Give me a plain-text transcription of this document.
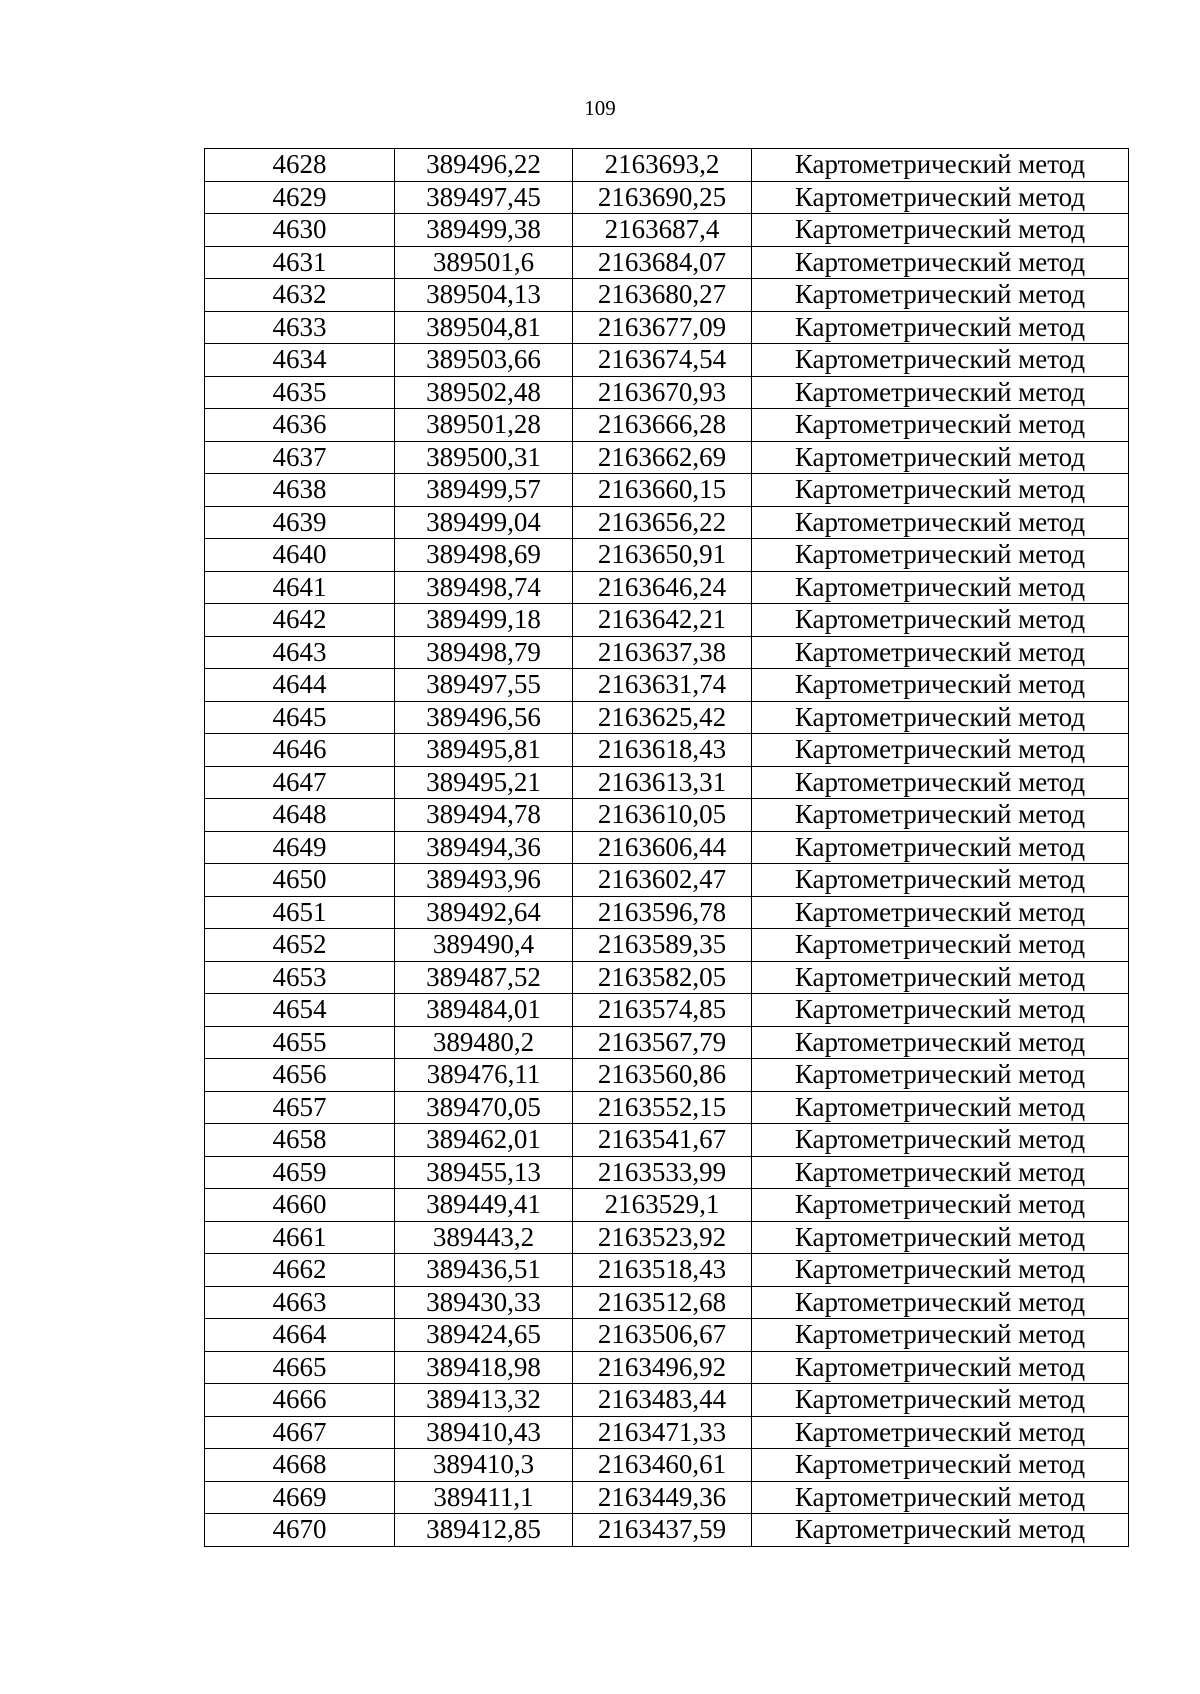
109
4628	389496,22	2163693,2	Картометрический метод
4629	389497,45	2163690,25	Картометрический метод
4630	389499,38	2163687,4	Картометрический метод
4631	389501,6	2163684,07	Картометрический метод
4632	389504,13	2163680,27	Картометрический метод
4633	389504,81	2163677,09	Картометрический метод
4634	389503,66	2163674,54	Картометрический метод
4635	389502,48	2163670,93	Картометрический метод
4636	389501,28	2163666,28	Картометрический метод
4637	389500,31	2163662,69	Картометрический метод
4638	389499,57	2163660,15	Картометрический метод
4639	389499,04	2163656,22	Картометрический метод
4640	389498,69	2163650,91	Картометрический метод
4641	389498,74	2163646,24	Картометрический метод
4642	389499,18	2163642,21	Картометрический метод
4643	389498,79	2163637,38	Картометрический метод
4644	389497,55	2163631,74	Картометрический метод
4645	389496,56	2163625,42	Картометрический метод
4646	389495,81	2163618,43	Картометрический метод
4647	389495,21	2163613,31	Картометрический метод
4648	389494,78	2163610,05	Картометрический метод
4649	389494,36	2163606,44	Картометрический метод
4650	389493,96	2163602,47	Картометрический метод
4651	389492,64	2163596,78	Картометрический метод
4652	389490,4	2163589,35	Картометрический метод
4653	389487,52	2163582,05	Картометрический метод
4654	389484,01	2163574,85	Картометрический метод
4655	389480,2	2163567,79	Картометрический метод
4656	389476,11	2163560,86	Картометрический метод
4657	389470,05	2163552,15	Картометрический метод
4658	389462,01	2163541,67	Картометрический метод
4659	389455,13	2163533,99	Картометрический метод
4660	389449,41	2163529,1	Картометрический метод
4661	389443,2	2163523,92	Картометрический метод
4662	389436,51	2163518,43	Картометрический метод
4663	389430,33	2163512,68	Картометрический метод
4664	389424,65	2163506,67	Картометрический метод
4665	389418,98	2163496,92	Картометрический метод
4666	389413,32	2163483,44	Картометрический метод
4667	389410,43	2163471,33	Картометрический метод
4668	389410,3	2163460,61	Картометрический метод
4669	389411,1	2163449,36	Картометрический метод
4670	389412,85	2163437,59	Картометрический метод
